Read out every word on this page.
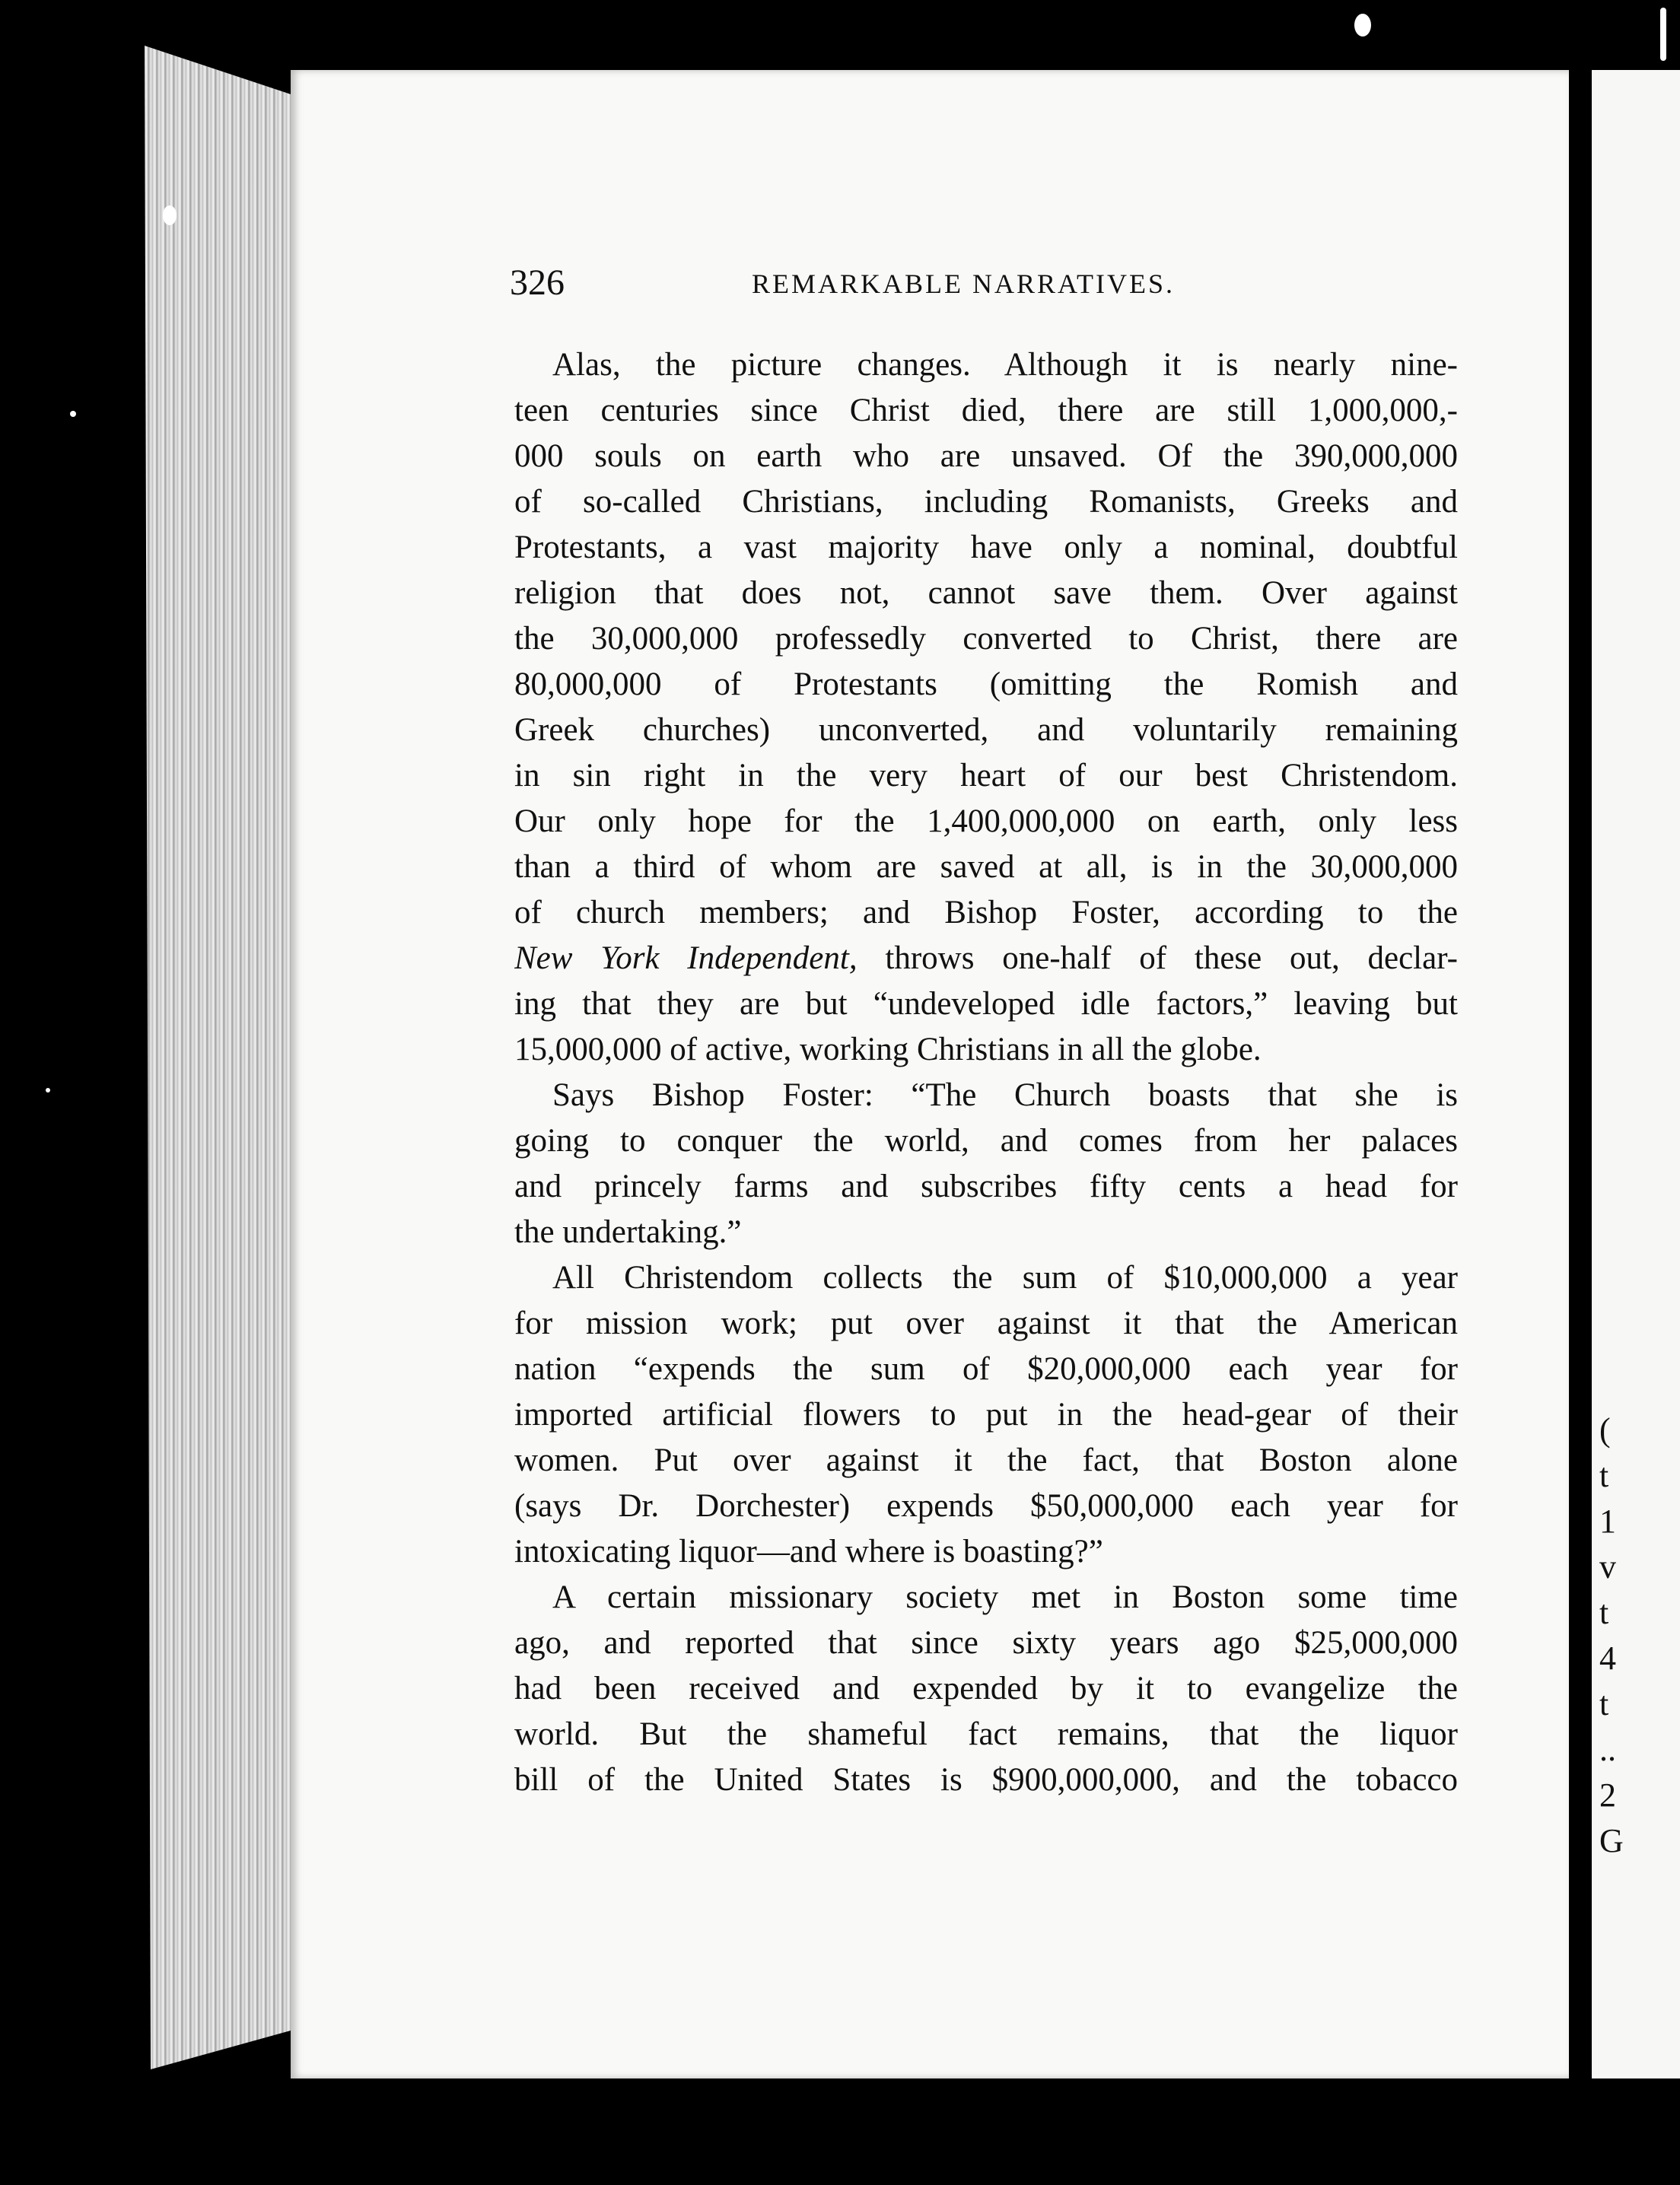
(
t
1
v
t
4
t
..
2
G
326	REMARKABLE NARRATIVES.
Alas, the picture changes. Although it is nearly nine-
teen centuries since Christ died, there are still 1,000,000,-
000 souls on earth who are unsaved. Of the 390,000,000
of so-called Christians, including Romanists, Greeks and
Protestants, a vast majority have only a nominal, doubtful
religion that does not, cannot save them. Over against
the 30,000,000 professedly converted to Christ, there are
80,000,000 of Protestants (omitting the Romish and
Greek churches) unconverted, and voluntarily remaining
in sin right in the very heart of our best Christendom.
Our only hope for the 1,400,000,000 on earth, only less
than a third of whom are saved at all, is in the 30,000,000
of church members; and Bishop Foster, according to the
New York Independent, throws one-half of these out, declar-
ing that they are but “undeveloped idle factors,” leaving but
15,000,000 of active, working Christians in all the globe.
Says Bishop Foster: “The Church boasts that she is
going to conquer the world, and comes from her palaces
and princely farms and subscribes fifty cents a head for
the undertaking.”
All Christendom collects the sum of $10,000,000 a year
for mission work; put over against it that the American
nation “expends the sum of $20,000,000 each year for
imported artificial flowers to put in the head-gear of their
women. Put over against it the fact, that Boston alone
(says Dr. Dorchester) expends $50,000,000 each year for
intoxicating liquor—and where is boasting?”
A certain missionary society met in Boston some time
ago, and reported that since sixty years ago $25,000,000
had been received and expended by it to evangelize the
world. But the shameful fact remains, that the liquor
bill of the United States is $900,000,000, and the tobacco
